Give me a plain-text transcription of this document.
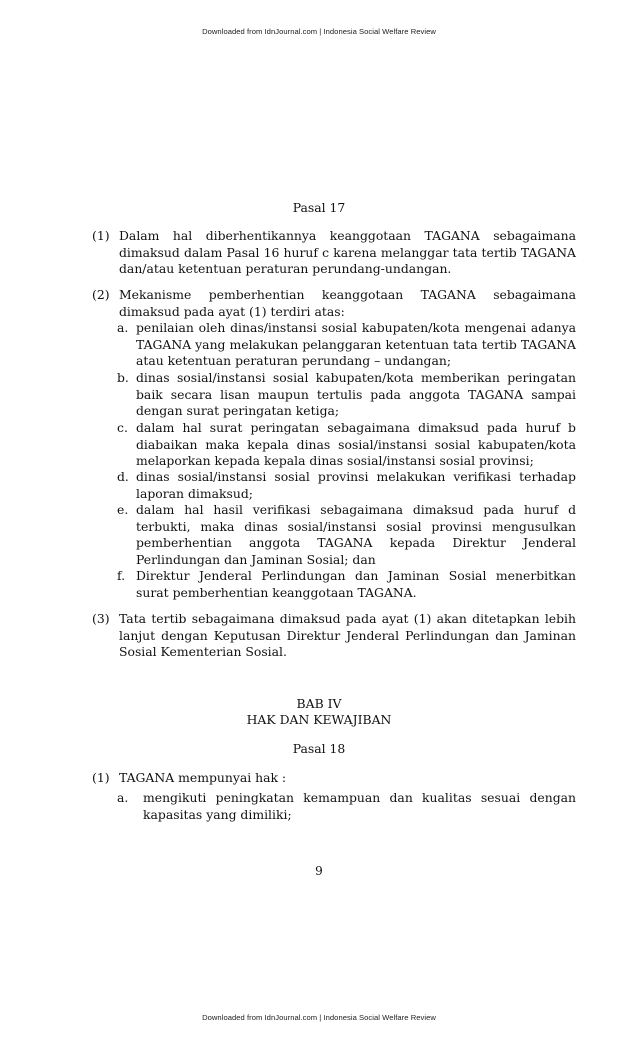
Downloaded from IdnJournal.com | Indonesia Social Welfare Review
Pasal 17
(1) Dalam hal diberhentikannya keanggotaan TAGANA sebagaimana dimaksud dalam Pasal 16 huruf c karena melanggar tata tertib TAGANA dan/atau ketentuan peraturan perundang-undangan.
(2) Mekanisme pemberhentian keanggotaan TAGANA sebagaimana dimaksud pada ayat (1) terdiri atas:
a. penilaian oleh dinas/instansi sosial kabupaten/kota mengenai adanya TAGANA yang melakukan pelanggaran ketentuan tata tertib TAGANA atau ketentuan peraturan perundang – undangan;
b. dinas sosial/instansi sosial kabupaten/kota memberikan peringatan baik secara lisan maupun tertulis pada anggota TAGANA sampai dengan surat peringatan ketiga;
c. dalam hal surat peringatan sebagaimana dimaksud pada huruf b diabaikan maka kepala dinas sosial/instansi sosial kabupaten/kota melaporkan kepada kepala dinas sosial/instansi sosial provinsi;
d. dinas sosial/instansi sosial provinsi melakukan verifikasi terhadap laporan dimaksud;
e. dalam hal hasil verifikasi sebagaimana dimaksud pada huruf d terbukti, maka dinas sosial/instansi sosial provinsi mengusulkan pemberhentian anggota TAGANA kepada Direktur Jenderal Perlindungan dan Jaminan Sosial; dan
f. Direktur Jenderal Perlindungan dan Jaminan Sosial menerbitkan surat pemberhentian keanggotaan TAGANA.
(3) Tata tertib sebagaimana dimaksud pada ayat (1) akan ditetapkan lebih lanjut dengan Keputusan Direktur Jenderal Perlindungan dan Jaminan Sosial Kementerian Sosial.
BAB IV
HAK DAN KEWAJIBAN
Pasal 18
(1) TAGANA mempunyai hak :
a. mengikuti peningkatan kemampuan dan kualitas sesuai dengan kapasitas yang dimiliki;
9
Downloaded from IdnJournal.com | Indonesia Social Welfare Review
